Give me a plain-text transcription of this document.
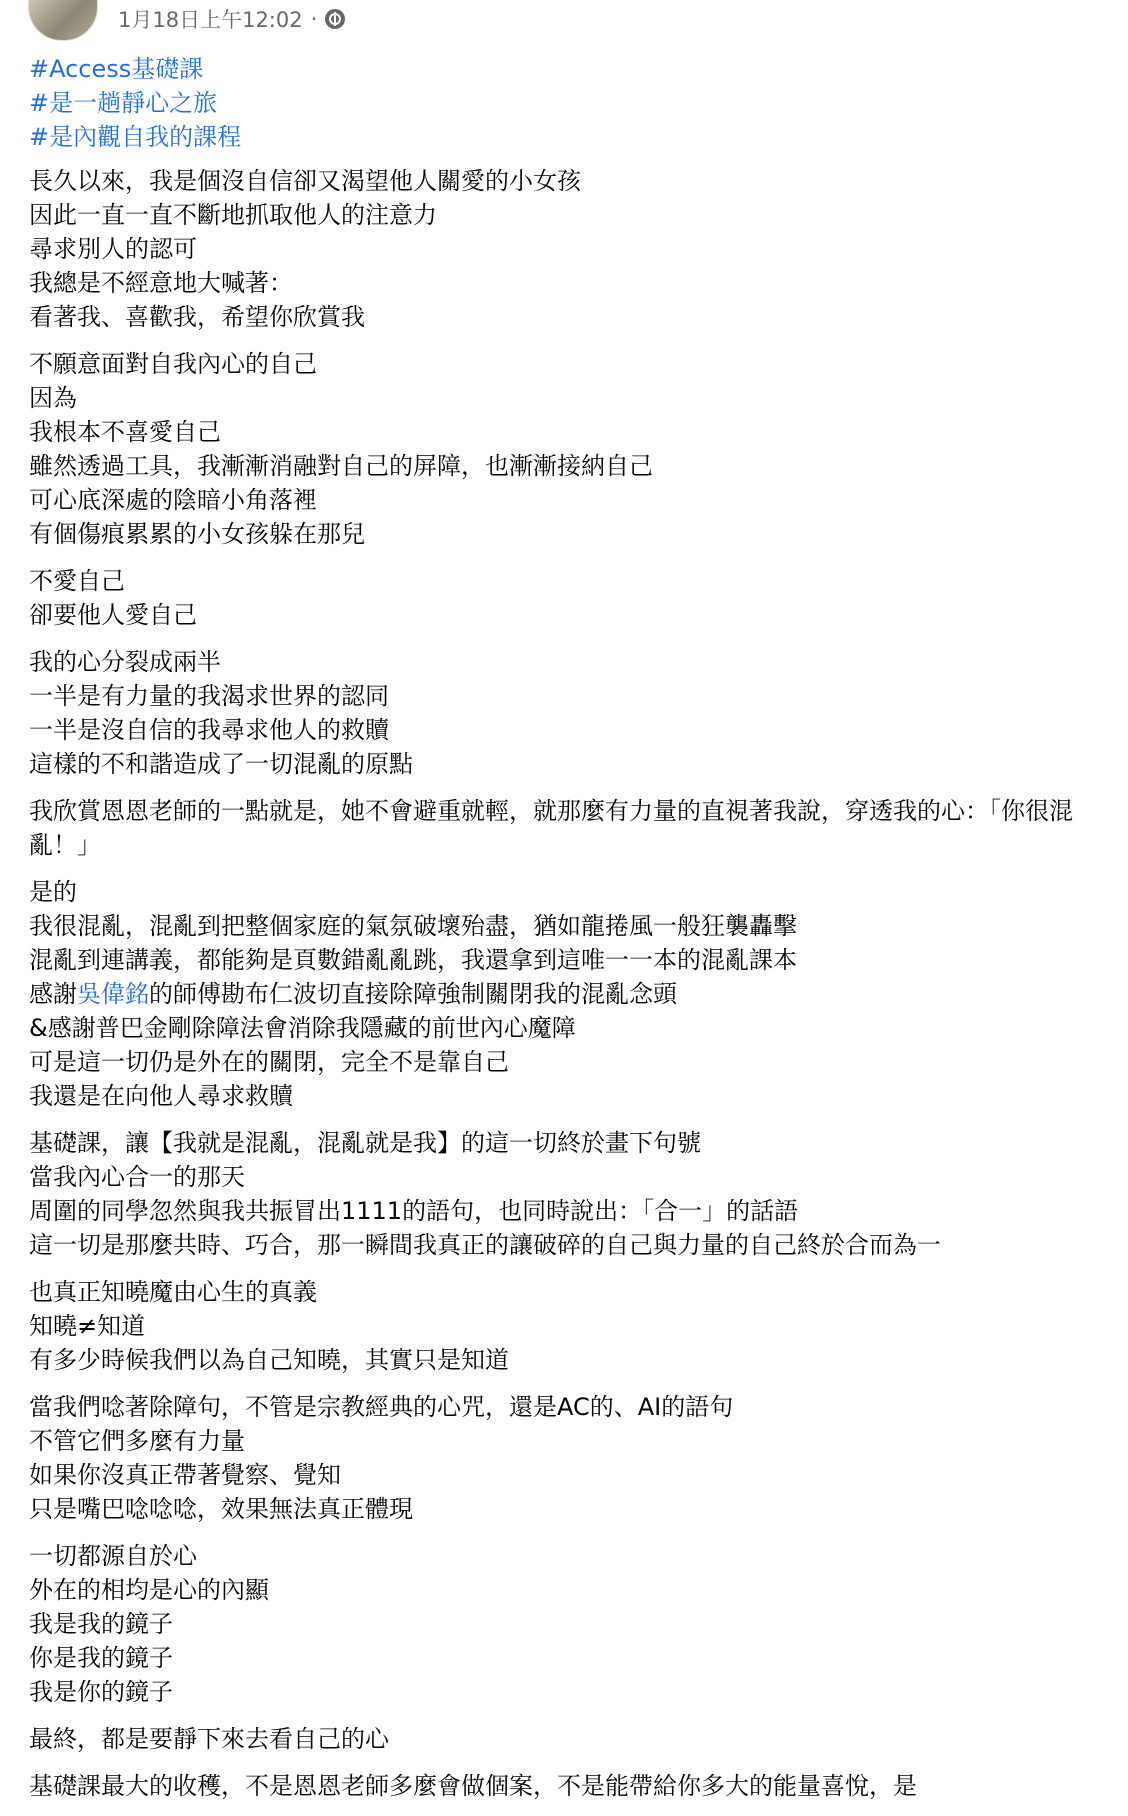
1月18日上午12:02 ·
#Access基礎課
#是一趟靜心之旅
#是內觀自我的課程
長久以來，我是個沒自信卻又渴望他人關愛的小女孩
因此一直一直不斷地抓取他人的注意力
尋求別人的認可
我總是不經意地大喊著：
看著我、喜歡我，希望你欣賞我
不願意面對自我內心的自己
因為
我根本不喜愛自己
雖然透過工具，我漸漸消融對自己的屏障，也漸漸接納自己
可心底深處的陰暗小角落裡
有個傷痕累累的小女孩躲在那兒
不愛自己
卻要他人愛自己
我的心分裂成兩半
一半是有力量的我渴求世界的認同
一半是沒自信的我尋求他人的救贖
這樣的不和諧造成了一切混亂的原點
我欣賞恩恩老師的一點就是，她不會避重就輕，就那麼有力量的直視著我說，穿透我的心：「你很混亂！」
是的
我很混亂，混亂到把整個家庭的氣氛破壞殆盡，猶如龍捲風一般狂襲轟擊
混亂到連講義，都能夠是頁數錯亂亂跳，我還拿到這唯一一本的混亂課本
感謝吳偉銘的師傅勘布仁波切直接除障強制關閉我的混亂念頭
&感謝普巴金剛除障法會消除我隱藏的前世內心魔障
可是這一切仍是外在的關閉，完全不是靠自己
我還是在向他人尋求救贖
基礎課，讓【我就是混亂，混亂就是我】的這一切終於畫下句號
當我內心合一的那天
周圍的同學忽然與我共振冒出1111的語句，也同時說出：「合一」的話語
這一切是那麼共時、巧合，那一瞬間我真正的讓破碎的自己與力量的自己終於合而為一
也真正知曉魔由心生的真義
知曉≠知道
有多少時候我們以為自己知曉，其實只是知道
當我們唸著除障句，不管是宗教經典的心咒，還是AC的、AI的語句
不管它們多麼有力量
如果你沒真正帶著覺察、覺知
只是嘴巴唸唸唸，效果無法真正體現
一切都源自於心
外在的相均是心的內顯
我是我的鏡子
你是我的鏡子
我是你的鏡子
最終，都是要靜下來去看自己的心
基礎課最大的收穫，不是恩恩老師多麼會做個案，不是能帶給你多大的能量喜悅，是
